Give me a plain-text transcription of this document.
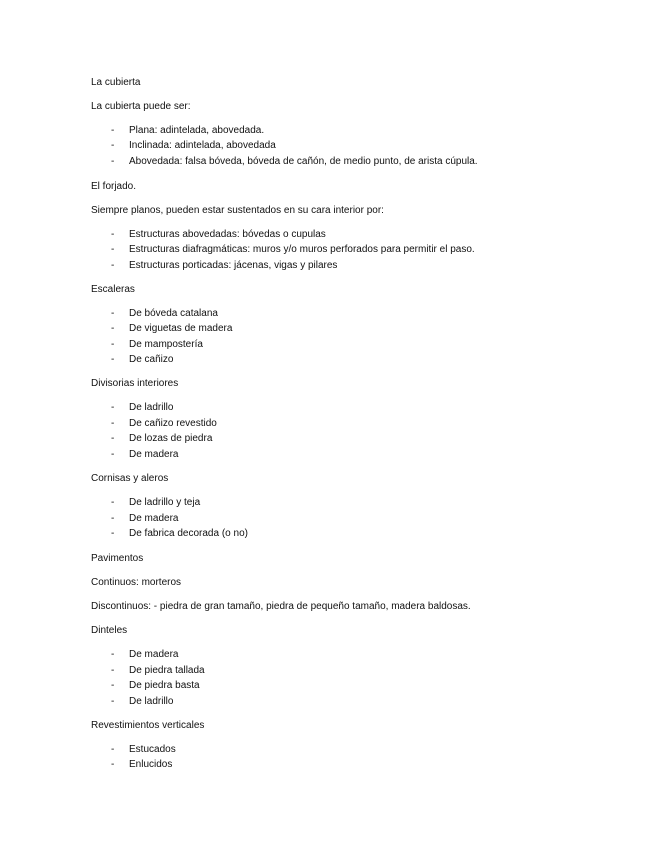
La cubierta
La cubierta puede ser:
- Plana: adintelada, abovedada.
- Inclinada: adintelada, abovedada
- Abovedada: falsa bóveda, bóveda de cañón, de medio punto, de arista cúpula.
El forjado.
Siempre planos, pueden estar sustentados en su cara interior por:
- Estructuras abovedadas: bóvedas o cupulas
- Estructuras diafragmáticas: muros y/o muros perforados para permitir el paso.
- Estructuras porticadas: jácenas, vigas y pilares
Escaleras
- De bóveda catalana
- De viguetas de madera
- De mampostería
- De cañizo
Divisorias interiores
- De ladrillo
- De cañizo revestido
- De lozas de piedra
- De madera
Cornisas y aleros
- De ladrillo y teja
- De madera
- De fabrica decorada (o no)
Pavimentos
Continuos: morteros
Discontinuos: - piedra de gran tamaño, piedra de pequeño tamaño, madera baldosas.
Dinteles
- De madera
- De piedra tallada
- De piedra basta
- De ladrillo
Revestimientos verticales
- Estucados
- Enlucidos
